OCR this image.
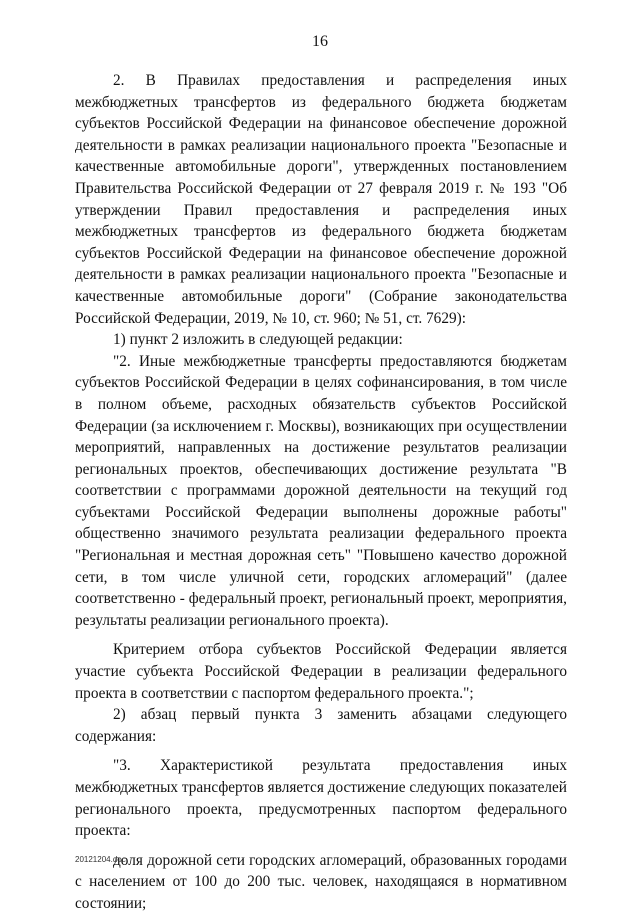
16

2. В Правилах предоставления и распределения иных межбюджетных трансфертов из федерального бюджета бюджетам субъектов Российской Федерации на финансовое обеспечение дорожной деятельности в рамках реализации национального проекта "Безопасные и качественные автомобильные дороги", утвержденных постановлением Правительства Российской Федерации от 27 февраля 2019 г. № 193 "Об утверждении Правил предоставления и распределения иных межбюджетных трансфертов из федерального бюджета бюджетам субъектов Российской Федерации на финансовое обеспечение дорожной деятельности в рамках реализации национального проекта "Безопасные и качественные автомобильные дороги" (Собрание законодательства Российской Федерации, 2019, № 10, ст. 960; № 51, ст. 7629):

1) пункт 2 изложить в следующей редакции:

"2. Иные межбюджетные трансферты предоставляются бюджетам субъектов Российской Федерации в целях софинансирования, в том числе в полном объеме, расходных обязательств субъектов Российской Федерации (за исключением г. Москвы), возникающих при осуществлении мероприятий, направленных на достижение результатов реализации региональных проектов, обеспечивающих достижение результата "В соответствии с программами дорожной деятельности на текущий год субъектами Российской Федерации выполнены дорожные работы" общественно значимого результата реализации федерального проекта "Региональная и местная дорожная сеть" "Повышено качество дорожной сети, в том числе уличной сети, городских агломераций" (далее соответственно - федеральный проект, региональный проект, мероприятия, результаты реализации регионального проекта).

Критерием отбора субъектов Российской Федерации является участие субъекта Российской Федерации в реализации федерального проекта в соответствии с паспортом федерального проекта.";

2) абзац первый пункта 3 заменить абзацами следующего содержания:

"3. Характеристикой результата предоставления иных межбюджетных трансфертов является достижение следующих показателей регионального проекта, предусмотренных паспортом федерального проекта:

доля дорожной сети городских агломераций, образованных городами с населением от 100 до 200 тыс. человек, находящаяся в нормативном состоянии;

20121204.doc
